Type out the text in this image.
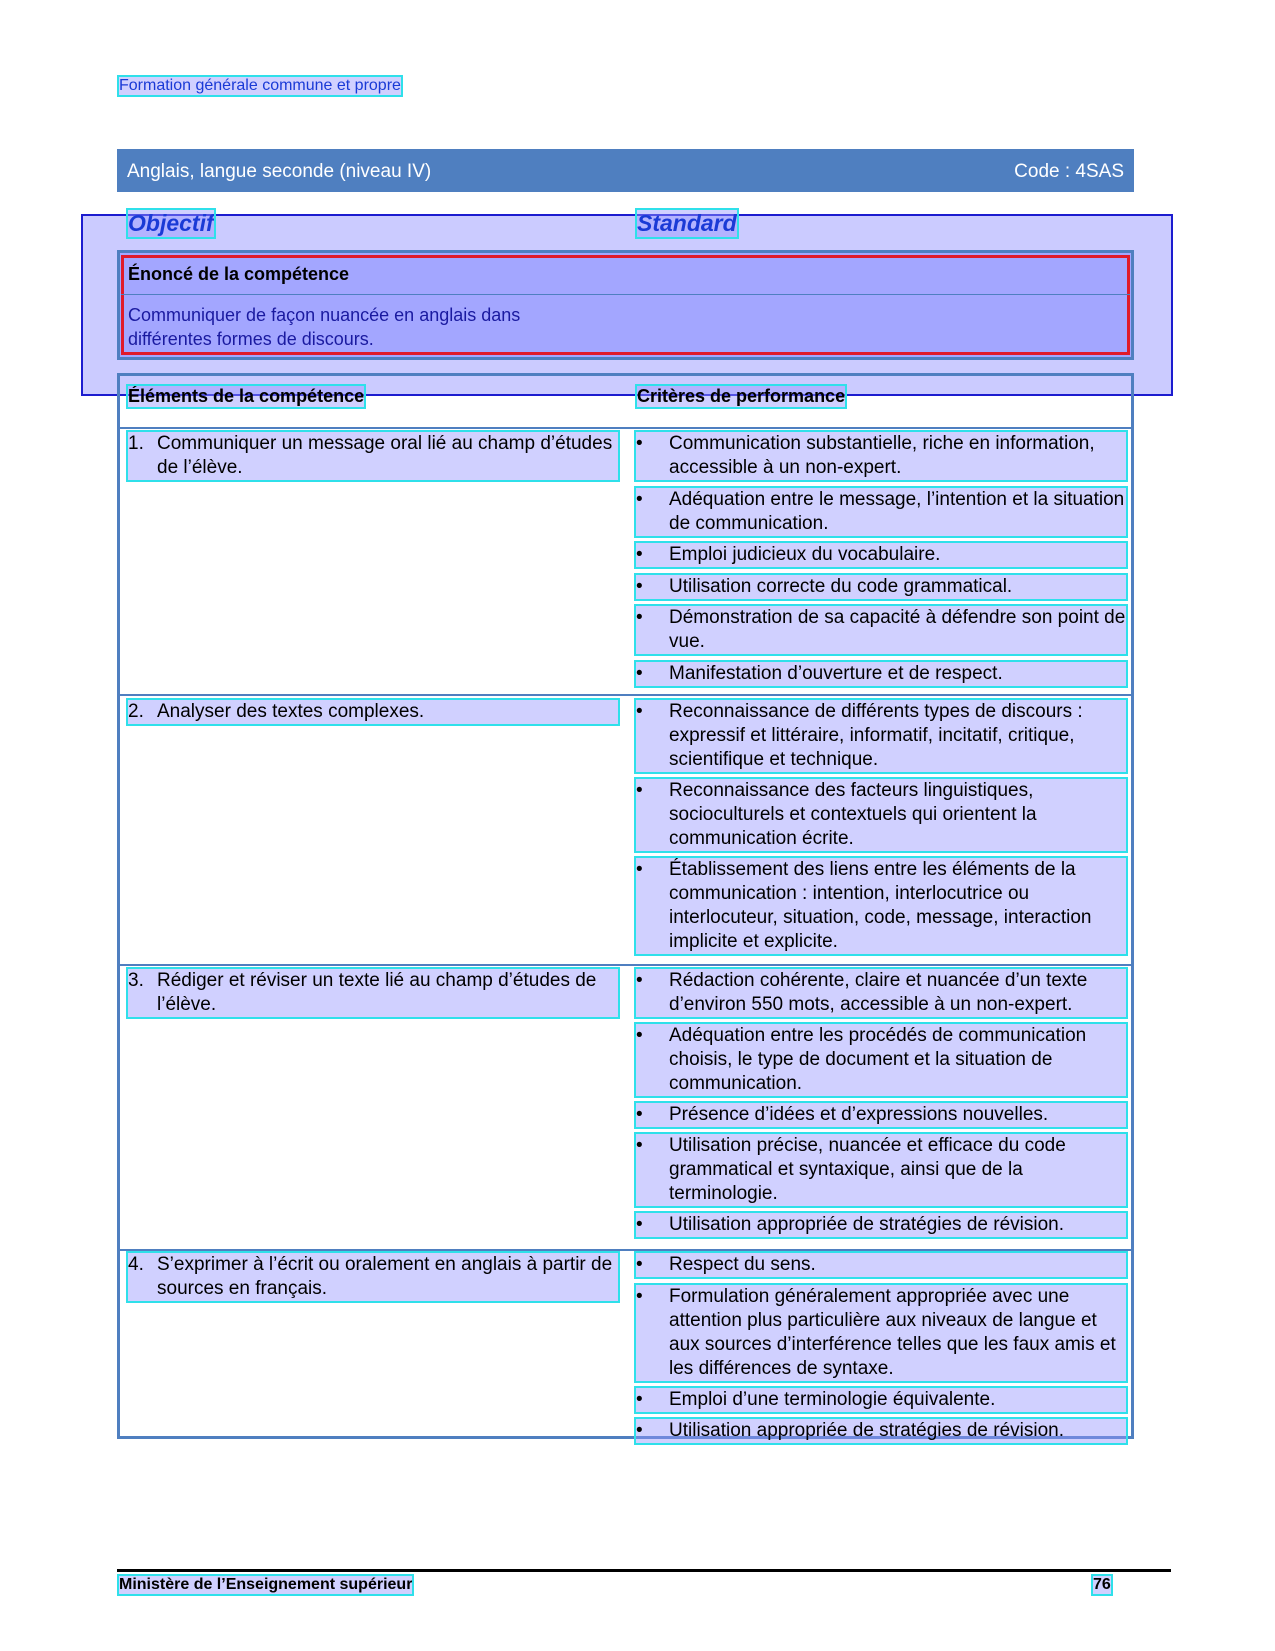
Formation générale commune et propre
Anglais, langue seconde (niveau IV)	Code : 4SAS
Objectif	Standard
Énoncé de la compétence
Communiquer de façon nuancée en anglais dans différentes formes de discours.
Éléments de la compétence	Critères de performance
1. Communiquer un message oral lié au champ d’études de l’élève.
• Communication substantielle, riche en information, accessible à un non-expert.
• Adéquation entre le message, l’intention et la situation de communication.
• Emploi judicieux du vocabulaire.
• Utilisation correcte du code grammatical.
• Démonstration de sa capacité à défendre son point de vue.
• Manifestation d’ouverture et de respect.
2. Analyser des textes complexes.	• Reconnaissance de différents types de discours : expressif et littéraire, informatif, incitatif, critique, scientifique et technique.
• Reconnaissance des facteurs linguistiques, socioculturels et contextuels qui orientent la communication écrite.
• Établissement des liens entre les éléments de la communication : intention, interlocutrice ou interlocuteur, situation, code, message, interaction implicite et explicite.
3. Rédiger et réviser un texte lié au champ d’études de l’élève.
• Rédaction cohérente, claire et nuancée d’un texte d’environ 550 mots, accessible à un non-expert.
• Adéquation entre les procédés de communication choisis, le type de document et la situation de communication.
• Présence d’idées et d’expressions nouvelles.
• Utilisation précise, nuancée et efficace du code grammatical et syntaxique, ainsi que de la terminologie.
• Utilisation appropriée de stratégies de révision.
4. S’exprimer à l’écrit ou oralement en anglais à partir de sources en français.
• Respect du sens.
• Formulation généralement appropriée avec une attention plus particulière aux niveaux de langue et aux sources d’interférence telles que les faux amis et les différences de syntaxe.
• Emploi d’une terminologie équivalente.
• Utilisation appropriée de stratégies de révision.
Ministère de l’Enseignement supérieur	76
